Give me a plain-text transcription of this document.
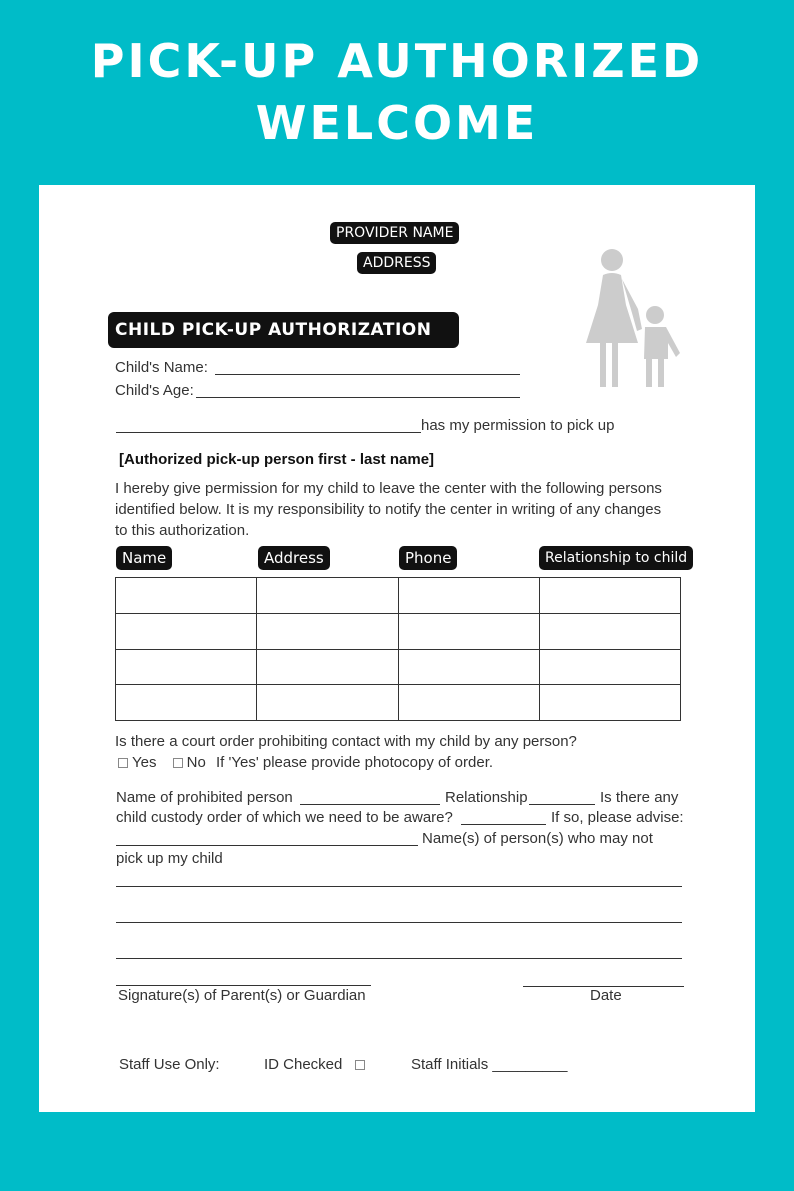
PICK-UP AUTHORIZED
WELCOME
PROVIDER NAME
ADDRESS
CHILD PICK-UP AUTHORIZATION
Child's Name:
Child's Age:
has my permission to pick up
[Authorized pick-up person first - last name]
I hereby give permission for my child to leave the center with the following persons
identified below. It is my responsibility to notify the center in writing of any changes
to this authorization.
Name	Address	Phone	Relationship to child

Is there a court order prohibiting contact with my child by any person?
Yes No If 'Yes' please provide photocopy of order.
Name of prohibited person	Relationship	Is there any
child custody order of which we need to be aware?	If so, please advise:
Name(s) of person(s) who may not
pick up my child
Signature(s) of Parent(s) or Guardian	Date
Staff Use Only:	ID Checked	Staff Initials _________
